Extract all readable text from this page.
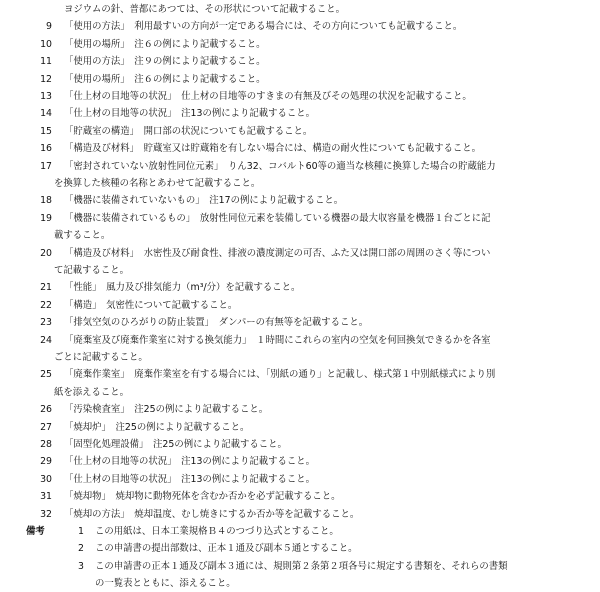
ヨジウムの針、普都にあつては、その形状について記載すること。
9 「使用の方法」　利用最すいの方向が一定である場合には、その方向についても記載すること。
10 「使用の場所」　注６の例により記載すること。
11 「使用の方法」　注９の例により記載すること。
12 「使用の場所」　注６の例により記載すること。
13 「仕上材の目地等の状況」　仕上材の目地等のすきまの有無及びその処理の状況を記載すること。
14 「仕上材の目地等の状況」　注13の例により記載すること。
15 「貯蔵室の構造」　開口部の状況についても記載すること。
16 「構造及び材料」　貯蔵室又は貯蔵箱を有しない場合には、構造の耐火性についても記載すること。
17 「密封されていない放射性同位元素」　りん32、コバルト60等の適当な核種に換算した場合の貯蔵能力
を換算した核種の名称とあわせて記載すること。
18 「機器に装備されていないもの」　注17の例により記載すること。
19 「機器に装備されているもの」　放射性同位元素を装備している機器の最大収容量を機器１台ごとに記
載すること。
20 「構造及び材料」　水密性及び耐食性、排液の濃度測定の可否、ふた又は開口部の周囲のさく等につい
て記載すること。
21 「性能」　風力及び排気能力（m³/分）を記載すること。
22 「構造」　気密性について記載すること。
23 「排気空気のひろがりの防止装置」　ダンパーの有無等を記載すること。
24 「廃棄室及び廃棄作業室に対する換気能力」　１時間にこれらの室内の空気を何回換気できるかを各室
ごとに記載すること。
25 「廃棄作業室」　廃棄作業室を有する場合には、「別紙の通り」と記載し、様式第１中別紙様式により別
紙を添えること。
26 「汚染検査室」　注25の例により記載すること。
27 「焼却炉」　注25の例により記載すること。
28 「固型化処理設備」　注25の例により記載すること。
29 「仕上材の目地等の状況」　注13の例により記載すること。
30 「仕上材の目地等の状況」　注13の例により記載すること。
31 「焼却物」　焼却物に動物死体を含むか否かを必ず記載すること。
32 「焼却の方法」　焼却温度、むし焼きにするか否か等を記載すること。
備考	1 この用紙は、日本工業規格Ｂ４のつづり込式とすること。
2 この申請書の提出部数は、正本１通及び副本５通とすること。
3 この申請書の正本１通及び副本３通には、規則第２条第２項各号に規定する書類を、それらの書類
の一覧表とともに、添えること。
